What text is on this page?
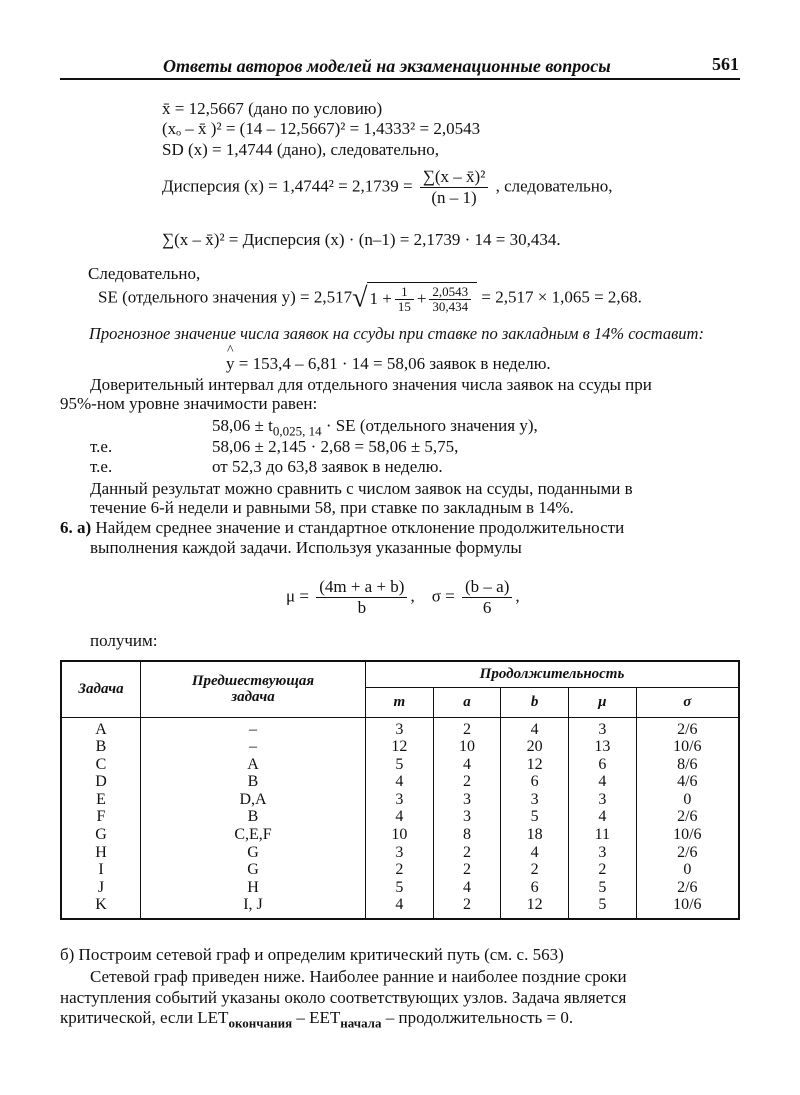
Ответы авторов моделей на экзаменационные вопросы	561
x̄ = 12,5667 (дано по условию)
(xₒ – x̄ )² = (14 – 12,5667)² = 1,4333² = 2,0543
SD (x) = 1,4744 (дано), следовательно,
Дисперсия $(x) = 1,4744^2 = 2,1739 = \frac{\text{∑(x – x̄)²}}{(n - 1)}$ , следовательно,
∑(x – x̄)² = Дисперсия (x) · (n–1) = 2,1739 · 14 = 30,434.
Следовательно,
SE (отдельного значения y) = 2,517√ $1 + \frac{1}{15} + \frac{2,0543}{30,434} = 2,517 \times 1,065 = 2,68$.
Прогнозное значение числа заявок на ссуды при ставке по закладным в 14% составит:
^ y = 153,4 – 6,81 · 14 = 58,06 заявок в неделю.
Доверительный интервал для отдельного значения числа заявок на ссуды при
95%-ном уровне значимости равен:
$58,06 \pm t_{0,025, 14}$ · SE (отдельного значения y),
т.е.	58,06 ± 2,145 · 2,68 = 58,06 ± 5,75,
т.е.	от 52,3 до 63,8 заявок в неделю.
Данный результат можно сравнить с числом заявок на ссуды, поданными в
течение 6-й недели и равными 58, при ставке по закладным в 14%.
6. а) Найдем среднее значение и стандартное отклонение продолжительности
выполнения каждой задачи. Используя указанные формулы
$\mu = \frac{(4m + a + b)}{b}$ , $\sigma = \frac{(b - a)}{6}$ ,
получим:
Задача	Предшествующая задача	Продолжительность				
		m	a	b	μ	σ
A	–	3	2	4	3	2/6
B	–	12	10	20	13	10/6
C	A	5	4	12	6	8/6
D	B	4	2	6	4	4/6
E	D,A	3	3	3	3	0
F	B	4	3	5	4	2/6
G	C,E,F	10	8	18	11	10/6
H	G	3	2	4	3	2/6
I	G	2	2	2	2	0
J	H	5	4	6	5	2/6
K	I, J	4	2	12	5	10/6
б) Построим сетевой граф и определим критический путь (см. с. 563)
Сетевой граф приведен ниже. Наиболее ранние и наиболее поздние сроки
наступления событий указаны около соответствующих узлов. Задача является
критической, если $LET_{окончания} - EET_{начала}$ – продолжительность = 0.
